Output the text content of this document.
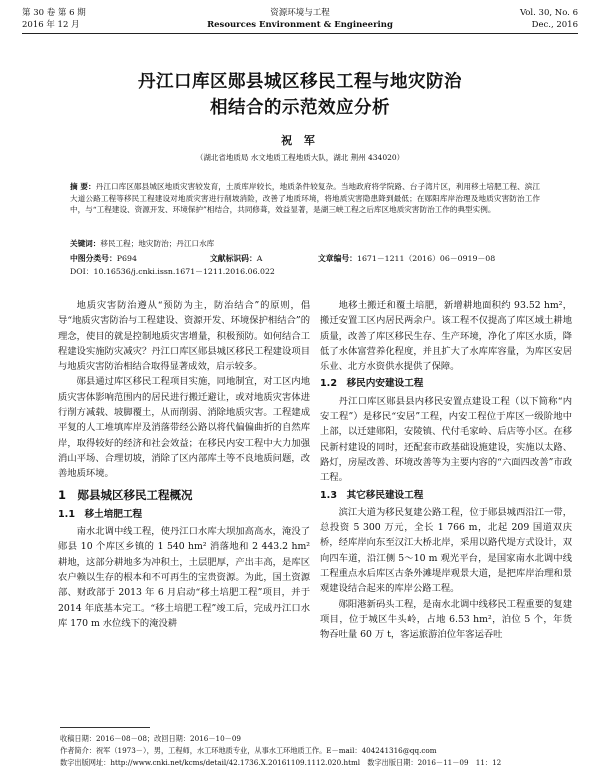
第 30 卷 第 6 期
2016 年 12 月
资源环境与工程
Resources Environment & Engineering
Vol. 30, No. 6
Dec., 2016
丹江口库区郧县城区移民工程与地灾防治
相结合的示范效应分析
祝 军
（湖北省地质局 水文地质工程地质大队，湖北 荆州 434020）
摘 要：丹江口库区郧县城区地质灾害较发育，土质库岸较长，地质条件较复杂。当地政府将学院路、台子湾片区，利用移土培肥工程、滨江大道公路工程等移民工程建设对地质灾害进行削坡消险，改善了地质环境，将地质灾害隐患降到最低；在郧阳库岸治理及地质灾害防治工作中，与“工程建设、资源开发、环境保护”相结合，共同修葺，效益显著，是湖三峡工程之后库区地质灾害防治工作的典型实例。
关键词：移民工程；地灾防治；丹江口水库
中图分类号：P694	文献标识码：A	文章编号：1671－1211（2016）06－0919－08
DOI：10.16536/j.cnki.issn.1671－1211.2016.06.022

地质灾害防治遵从“预防为主，防治结合”的原则，倡导“地质灾害防治与工程建设、资源开发、环境保护相结合”的理念，使目的就是控制地质灾害增量，积极预防。如何结合工程建设实施防灾减灾？丹江口库区郧县城区移民工程建设项目与地质灾害防治相结合取得显著成效，启示较多。

郧县通过库区移民工程项目实施，同地制宜，对工区内地质灾害体影响范围内的居民进行搬迁避让，或对地质灾害体进行削方减载、坡脚覆土，从而削弱、消除地质灾害。工程建成平复的人工堆填库岸及消落带经公路以将代偏偏曲折的自然库岸，取得较好的经济和社会效益；在移民内安工程中大力加强消山平场、合理切坡，消除了区内部库土等不良地质问题，改善地质环境。

1　郧县城区移民工程概况
1.1　移土培肥工程

南水北调中线工程，使丹江口水库大坝加高高水，淹没了郧县 10 个库区乡镇的 1 540 hm² 消落地和 2 443.2 hm² 耕地，这部分耕地多为冲积土，土层肥厚，产出丰高，是库区农户赖以生存的根本和不可再生的宝贵资源。为此，国土资源部、财政部于 2013 年 6 月启动“移土培肥工程”项目，并于 2014 年底基本完工。“移土培肥工程”竣工后，完成丹江口水库 170 m 水位线下的淹没耕

地移土搬迁和覆土培肥，新增耕地面积约 93.52 hm²，搬迁安置工区内居民两余户。该工程不仅提高了库区域土耕地质量，改善了库区移民生存、生产环境，净化了库区水质，降低了水体富营养化程度，并且扩大了水库库容量，为库区安居乐业、北方水资供水提供了保障。

1.2　移民内安建设工程

丹江口库区郧县县内移民安置点建设工程（以下简称“内安工程”）是移民“安居”工程，内安工程位于库区一级阶地中上部，以迁建郧阳，安陵镇、代付毛家岭、后店等小区。在移民新村建设的同时，还配套市政基础设施建设，实施以太路、路灯，房屋改善、环境改善等为主要内容的“六面四改善”市政工程。

1.3　其它移民建设工程

滨江大道为移民复建公路工程，位于郧县城西沿江一带，总投资 5 300 万元，全长 1 766 m，北起 209 国道双庆桥，经库岸向东至汉江大桥北岸，采用以路代堤方式设计，双向四车道，沿江侧 5～10 m 观光平台，是国家南水北调中线工程重点水后库区古条外滩堤岸观景大道，是把库岸治理和景观建设结合起来的库岸公路工程。

郧阳港新码头工程，是南水北调中线移民工程重要的复建项目，位于城区牛头岭，占地 6.53 hm²，泊位 5 个，年货物吞吐量 60 万 t，客运旅游泊位年客运吞吐

收稿日期：2016－08－08；改回日期：2016－10－09
作者简介：祝军（1973－），男，工程师，水工环地质专业，从事水工环地质工作。E－mail：404241316@qq.com
数字出版网址：http://www.cnki.net/kcms/detail/42.1736.X.20161109.1112.020.html　数字出版日期：2016－11－09　11：12
